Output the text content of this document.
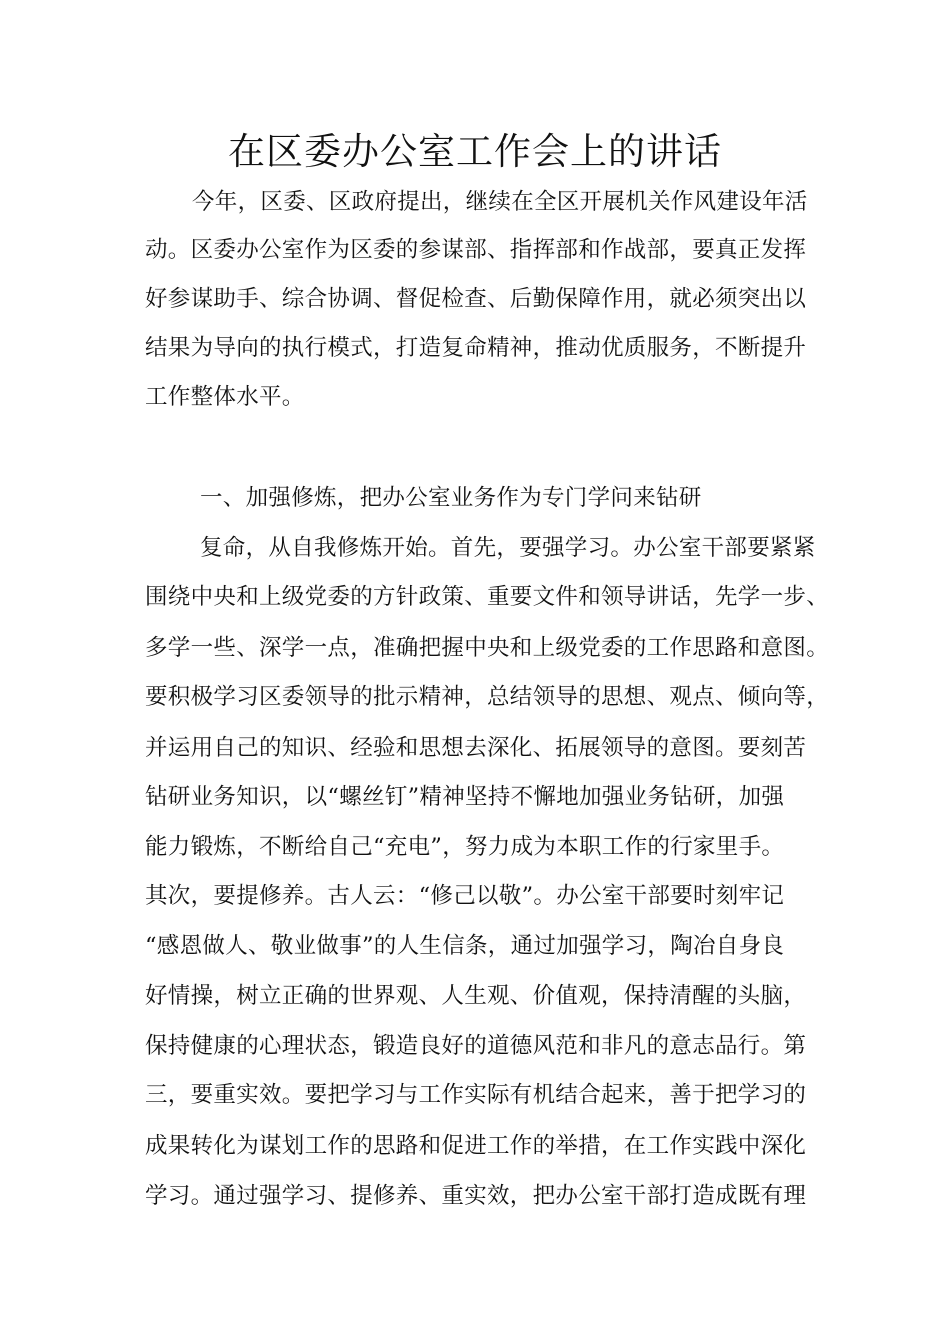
在区委办公室工作会上的讲话
今年，区委、区政府提出，继续在全区开展机关作风建设年活
动。区委办公室作为区委的参谋部、指挥部和作战部，要真正发挥
好参谋助手、综合协调、督促检查、后勤保障作用，就必须突出以
结果为导向的执行模式，打造复命精神，推动优质服务，不断提升
工作整体水平。
一、加强修炼，把办公室业务作为专门学问来钻研
复命，从自我修炼开始。首先，要强学习。办公室干部要紧紧
围绕中央和上级党委的方针政策、重要文件和领导讲话，先学一步、
多学一些、深学一点，准确把握中央和上级党委的工作思路和意图。
要积极学习区委领导的批示精神，总结领导的思想、观点、倾向等，
并运用自己的知识、经验和思想去深化、拓展领导的意图。要刻苦
钻研业务知识，以“螺丝钉”精神坚持不懈地加强业务钻研，加强
能力锻炼，不断给自己“充电”，努力成为本职工作的行家里手。
其次，要提修养。古人云：“修己以敬”。办公室干部要时刻牢记
“感恩做人、敬业做事”的人生信条，通过加强学习，陶冶自身良
好情操，树立正确的世界观、人生观、价值观，保持清醒的头脑，
保持健康的心理状态，锻造良好的道德风范和非凡的意志品行。第
三，要重实效。要把学习与工作实际有机结合起来，善于把学习的
成果转化为谋划工作的思路和促进工作的举措，在工作实践中深化
学习。通过强学习、提修养、重实效，把办公室干部打造成既有理
